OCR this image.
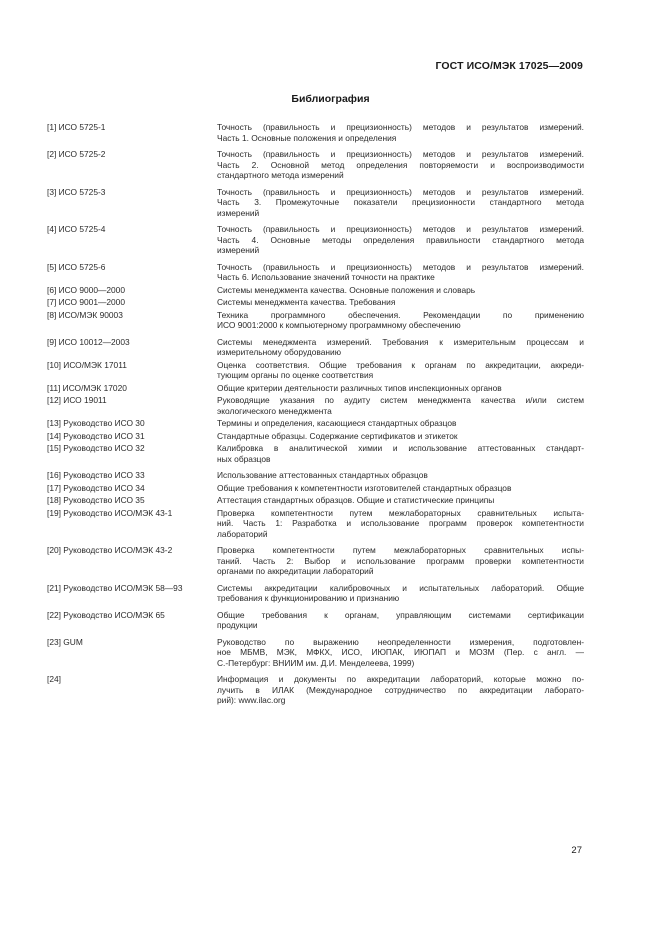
ГОСТ ИСО/МЭК 17025—2009
Библиография
[1] ИСО 5725-1	Точность (правильность и прецизионность) методов и результатов измерений.
Часть 1. Основные положения и определения
[2] ИСО 5725-2	Точность (правильность и прецизионность) методов и результатов измерений.
Часть 2. Основной метод определения повторяемости и воспроизводимости
стандартного метода измерений
[3] ИСО 5725-3	Точность (правильность и прецизионность) методов и результатов измерений.
Часть 3. Промежуточные показатели прецизионности стандартного метода
измерений
[4] ИСО 5725-4	Точность (правильность и прецизионность) методов и результатов измерений.
Часть 4. Основные методы определения правильности стандартного метода
измерений
[5] ИСО 5725-6	Точность (правильность и прецизионность) методов и результатов измерений.
Часть 6. Использование значений точности на практике
[6] ИСО 9000—2000	Системы менеджмента качества. Основные положения и словарь
[7] ИСО 9001—2000	Системы менеджмента качества. Требования
[8] ИСО/МЭК 90003	Техника программного обеспечения. Рекомендации по применению
ИСО 9001:2000 к компьютерному программному обеспечению
[9] ИСО 10012—2003	Системы менеджмента измерений. Требования к измерительным процессам и
измерительному оборудованию
[10] ИСО/МЭК 17011	Оценка соответствия. Общие требования к органам по аккредитации, аккреди-
тующим органы по оценке соответствия
[11] ИСО/МЭК 17020	Общие критерии деятельности различных типов инспекционных органов
[12] ИСО 19011	Руководящие указания по аудиту систем менеджмента качества и/или систем
экологического менеджмента
[13] Руководство ИСО 30	Термины и определения, касающиеся стандартных образцов
[14] Руководство ИСО 31	Стандартные образцы. Содержание сертификатов и этикеток
[15] Руководство ИСО 32	Калибровка в аналитической химии и использование аттестованных стандарт-
ных образцов
[16] Руководство ИСО 33	Использование аттестованных стандартных образцов
[17] Руководство ИСО 34	Общие требования к компетентности изготовителей стандартных образцов
[18] Руководство ИСО 35	Аттестация стандартных образцов. Общие и статистические принципы
[19] Руководство ИСО/МЭК 43-1	Проверка компетентности путем межлабораторных сравнительных испыта-
ний. Часть 1: Разработка и использование программ проверок компетентности
лабораторий
[20] Руководство ИСО/МЭК 43-2	Проверка компетентности путем межлабораторных сравнительных испы-
таний. Часть 2: Выбор и использование программ проверки компетентности
органами по аккредитации лабораторий
[21] Руководство ИСО/МЭК 58—93	Системы аккредитации калибровочных и испытательных лабораторий. Общие
требования к функционированию и признанию
[22] Руководство ИСО/МЭК 65	Общие требования к органам, управляющим системами сертификации
продукции
[23] GUM	Руководство по выражению неопределенности измерения, подготовлен-
ное МБМВ, МЭК, МФКХ, ИСО, ИЮПАК, ИЮПАП и МОЗМ (Пер. с англ. —
С.-Петербург: ВНИИМ им. Д.И. Менделеева, 1999)
[24]	Информация и документы по аккредитации лабораторий, которые можно по-
лучить в ИЛАК (Международное сотрудничество по аккредитации лаборато-
рий): www.ilac.org
27
